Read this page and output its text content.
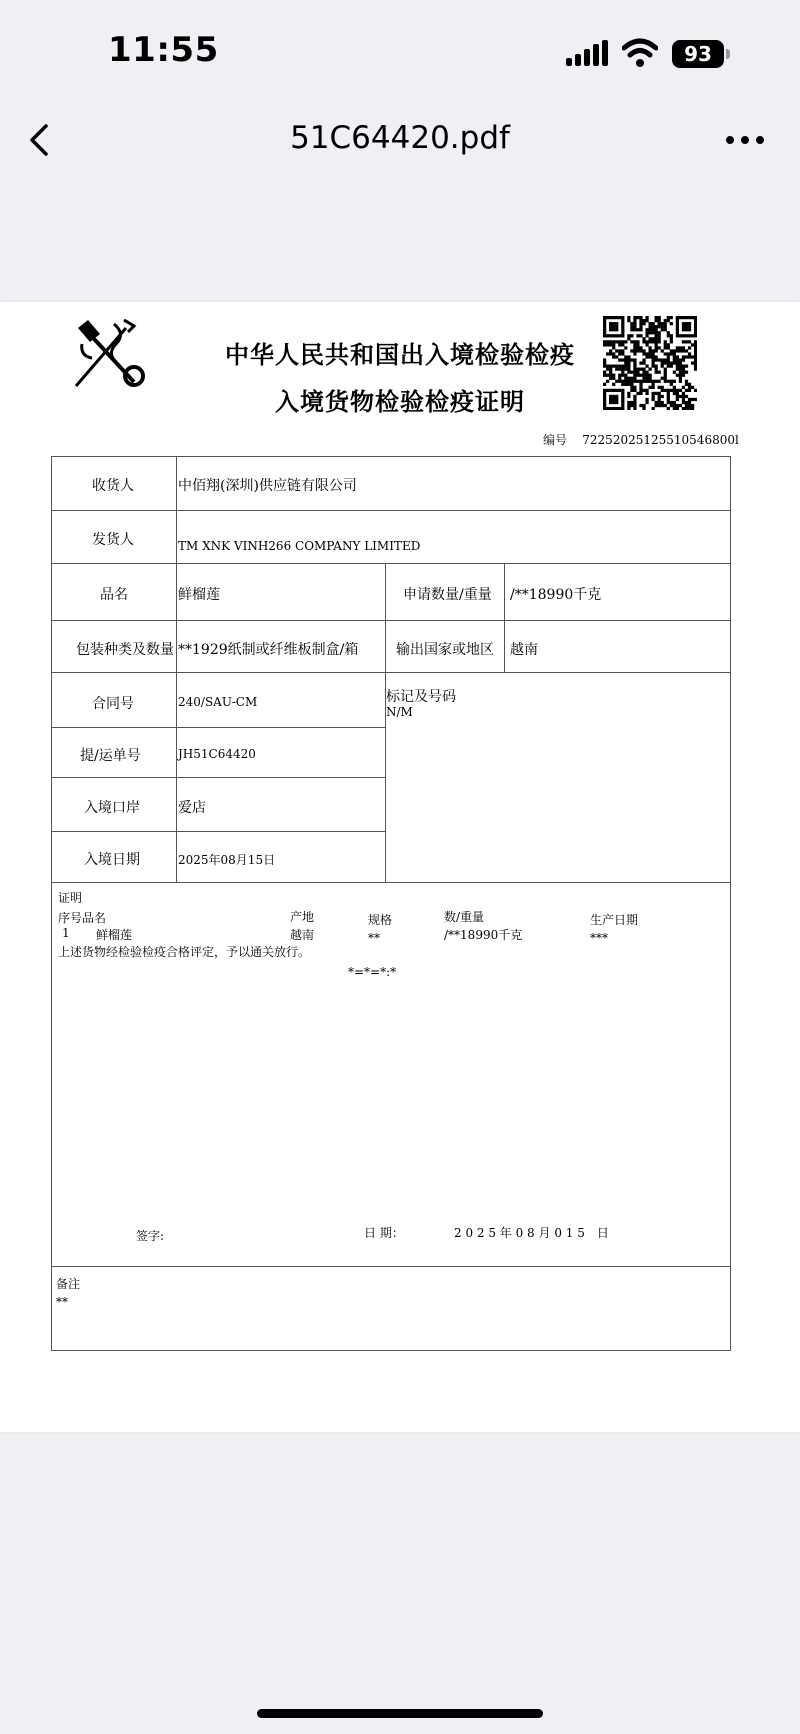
11:55	93
51C64420.pdf
中华人民共和国出入境检验检疫
入境货物检验检疫证明
编号 72252025125510546800l
收货人	中佰翔(深圳)供应链有限公司
发货人	TM XNK VINH266 COMPANY LIMITED
品名	鲜榴莲	申请数量/重量 /**18990千克
包装种类及数量 **1929纸制或纤维板制盒/箱	输出国家或地区 越南
合同号	240/SAU-CM	标记及号码
N/M
提/运单号	JH51C64420
入境口岸	爱店
入境日期	2025年08月15日
证明
序号品名	产地	规格	数/重量	生产日期
1 鲜榴莲	越南	**	/**18990千克	***
上述货物经检验检疫合格评定，予以通关放行。
*=*=*:*
签字:	日 期：	2 0 2 5 年 0 8 月 0 1 5　日
备注
**
